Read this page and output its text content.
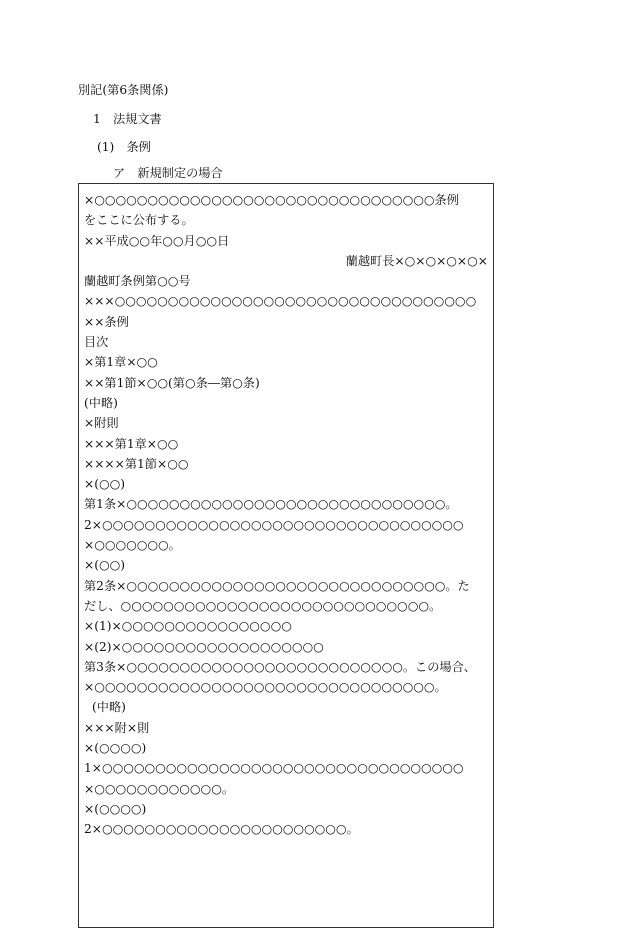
別記(第6条関係)

1　法規文書

(1)　条例

ア　新規制定の場合

×○○○○○○○○○○○○○○○○○○○○○○○○○○○○○○○○条例
をここに公布する。
××平成○○年○○月○○日
蘭越町長×○×○×○×○×
蘭越町条例第○○号
×××○○○○○○○○○○○○○○○○○○○○○○○○○○○○○○○○○○
××条例
目次
×第1章×○○
××第1節×○○(第○条―第○条)
(中略)
×附則
×××第1章×○○
××××第1節×○○
×(○○)
第1条×○○○○○○○○○○○○○○○○○○○○○○○○○○○○○○。
2×○○○○○○○○○○○○○○○○○○○○○○○○○○○○○○○○○○
×○○○○○○○。
×(○○)
第2条×○○○○○○○○○○○○○○○○○○○○○○○○○○○○○○。た
だし、○○○○○○○○○○○○○○○○○○○○○○○○○○○○○。
×(1)×○○○○○○○○○○○○○○○○
×(2)×○○○○○○○○○○○○○○○○○○○
第3条×○○○○○○○○○○○○○○○○○○○○○○○○○○。この場合、
×○○○○○○○○○○○○○○○○○○○○○○○○○○○○○○○○。
(中略)
×××附×則
×(○○○○)
1×○○○○○○○○○○○○○○○○○○○○○○○○○○○○○○○○○○
×○○○○○○○○○○○○。
×(○○○○)
2×○○○○○○○○○○○○○○○○○○○○○○○。
